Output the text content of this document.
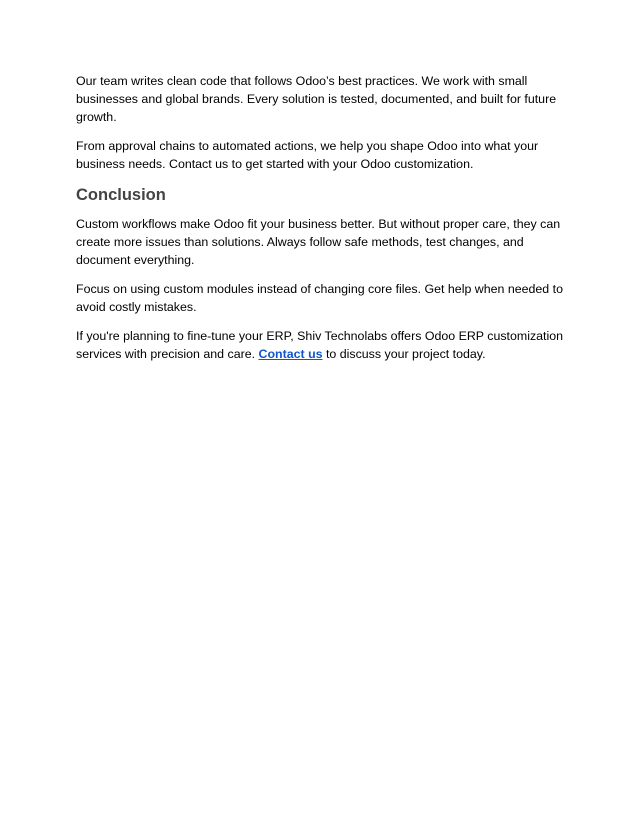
Our team writes clean code that follows Odoo’s best practices. We work with small businesses and global brands. Every solution is tested, documented, and built for future growth.

From approval chains to automated actions, we help you shape Odoo into what your business needs. Contact us to get started with your Odoo customization.

Conclusion

Custom workflows make Odoo fit your business better. But without proper care, they can create more issues than solutions. Always follow safe methods, test changes, and document everything.

Focus on using custom modules instead of changing core files. Get help when needed to avoid costly mistakes.

If you're planning to fine-tune your ERP, Shiv Technolabs offers Odoo ERP customization services with precision and care. Contact us to discuss your project today.
